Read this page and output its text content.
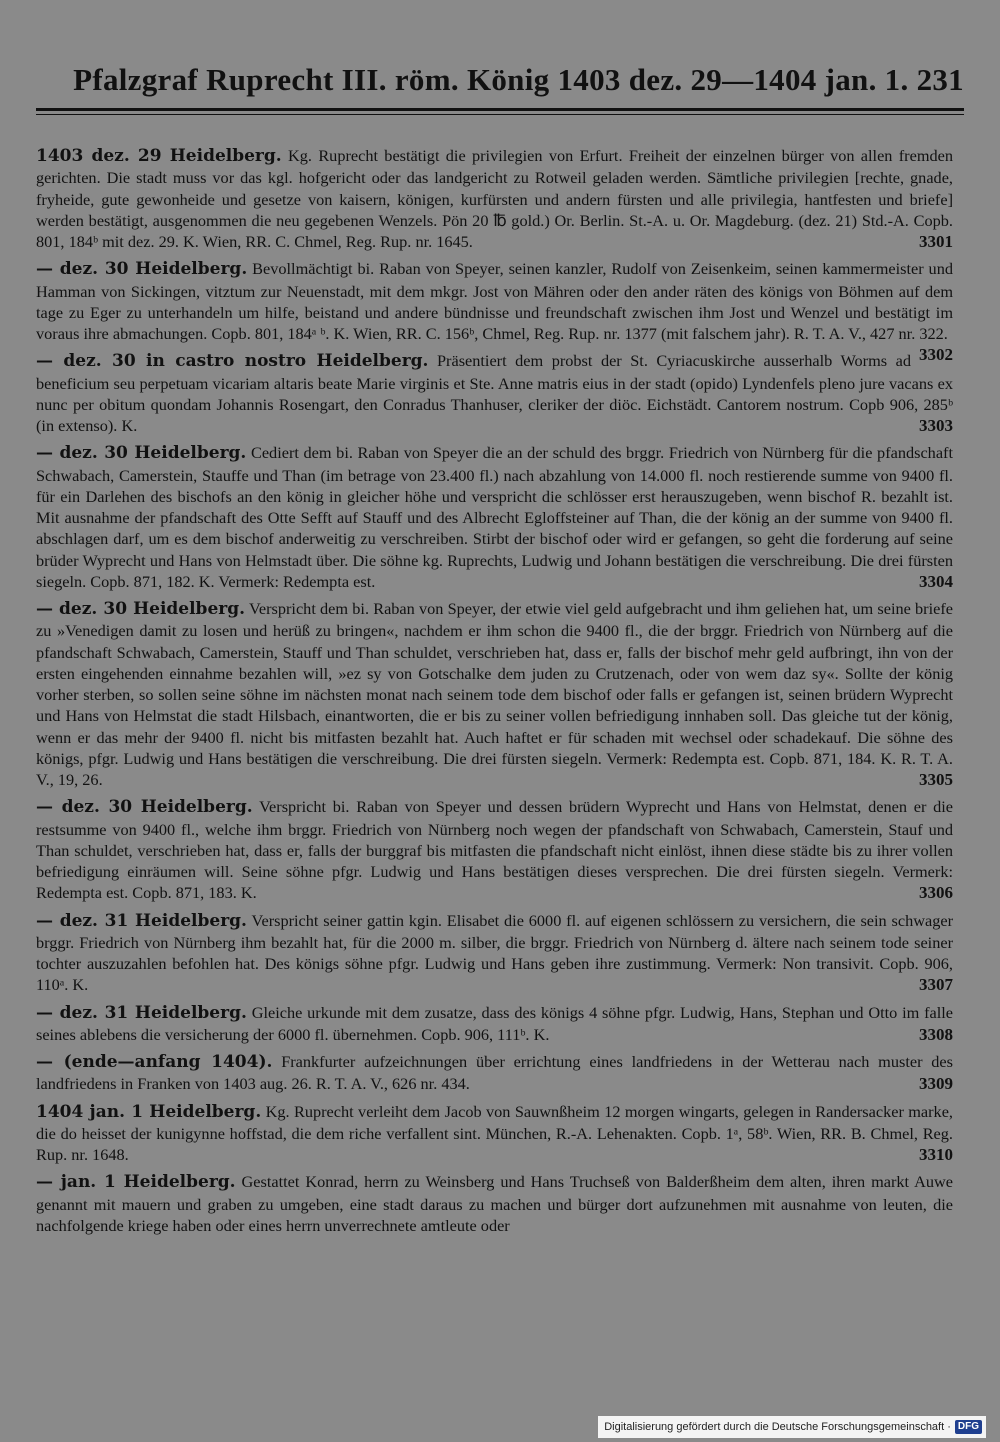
Pfalzgraf Ruprecht III. röm. König 1403 dez. 29—1404 jan. 1. 231

1403 dez. 29 Heidelberg. Kg. Ruprecht bestätigt die privilegien von Erfurt. Freiheit der einzelnen bürger von allen fremden gerichten. Die stadt muss vor das kgl. hofgericht oder das landgericht zu Rotweil geladen werden. Sämtliche privilegien [rechte, gnade, fryheide, gute gewonheide und gesetze von kaisern, königen, kurfürsten und andern fürsten und alle privilegia, hantfesten und briefe] werden bestätigt, ausgenommen die neu gegebenen Wenzels. Pön 20 ℔ gold.) Or. Berlin. St.-A. u. Or. Magdeburg. (dez. 21) Std.-A. Copb. 801, 184ᵇ mit dez. 29. K. Wien, RR. C. Chmel, Reg. Rup. nr. 1645.	3301

— dez. 30 Heidelberg. Bevollmächtigt bi. Raban von Speyer, seinen kanzler, Rudolf von Zeisenkeim, seinen kammermeister und Hamman von Sickingen, vitztum zur Neuenstadt, mit dem mkgr. Jost von Mähren oder den ander räten des königs von Böhmen auf dem tage zu Eger zu unterhandeln um hilfe, beistand und andere bündnisse und freundschaft zwischen ihm Jost und Wenzel und bestätigt im voraus ihre abmachungen. Copb. 801, 184ᵃ ᵇ. K. Wien, RR. C. 156ᵇ, Chmel, Reg. Rup. nr. 1377 (mit falschem jahr). R. T. A. V., 427 nr. 322.
3302

— dez. 30 in castro nostro Heidelberg. Präsentiert dem probst der St. Cyriacuskirche ausserhalb Worms ad beneficium seu perpetuam vicariam altaris beate Marie virginis et Ste. Anne matris eius in der stadt (opido) Lyndenfels pleno jure vacans ex nunc per obitum quondam Johannis Rosengart, den Conradus Thanhuser, cleriker der diöc. Eichstädt. Cantorem nostrum. Copb 906, 285ᵇ (in extenso). K.	3303

— dez. 30 Heidelberg. Cediert dem bi. Raban von Speyer die an der schuld des brggr. Friedrich von Nürnberg für die pfandschaft Schwabach, Camerstein, Stauffe und Than (im betrage von 23.400 fl.) nach abzahlung von 14.000 fl. noch restierende summe von 9400 fl. für ein Darlehen des bischofs an den könig in gleicher höhe und verspricht die schlösser erst herauszugeben, wenn bischof R. bezahlt ist. Mit ausnahme der pfandschaft des Otte Sefft auf Stauff und des Albrecht Egloffsteiner auf Than, die der könig an der summe von 9400 fl. abschlagen darf, um es dem bischof anderweitig zu verschreiben. Stirbt der bischof oder wird er gefangen, so geht die forderung auf seine brüder Wyprecht und Hans von Helmstadt über. Die söhne kg. Ruprechts, Ludwig und Johann bestätigen die verschreibung. Die drei fürsten siegeln. Copb. 871, 182. K. Vermerk: Redempta est.	3304

— dez. 30 Heidelberg. Verspricht dem bi. Raban von Speyer, der etwie viel geld aufgebracht und ihm geliehen hat, um seine briefe zu »Venedigen damit zu losen und herüß zu bringen«, nachdem er ihm schon die 9400 fl., die der brggr. Friedrich von Nürnberg auf die pfandschaft Schwabach, Camerstein, Stauff und Than schuldet, verschrieben hat, dass er, falls der bischof mehr geld aufbringt, ihn von der ersten eingehenden einnahme bezahlen will, »ez sy von Gotschalke dem juden zu Crutzenach, oder von wem daz sy«. Sollte der könig vorher sterben, so sollen seine söhne im nächsten monat nach seinem tode dem bischof oder falls er gefangen ist, seinen brüdern Wyprecht und Hans von Helmstat die stadt Hilsbach, einantworten, die er bis zu seiner vollen befriedigung innhaben soll. Das gleiche tut der könig, wenn er das mehr der 9400 fl. nicht bis mitfasten bezahlt hat. Auch haftet er für schaden mit wechsel oder schadekauf. Die söhne des königs, pfgr. Ludwig und Hans bestätigen die verschreibung. Die drei fürsten siegeln. Vermerk: Redempta est. Copb. 871, 184. K. R. T. A. V., 19, 26.	3305

— dez. 30 Heidelberg. Verspricht bi. Raban von Speyer und dessen brüdern Wyprecht und Hans von Helmstat, denen er die restsumme von 9400 fl., welche ihm brggr. Friedrich von Nürnberg noch wegen der pfandschaft von Schwabach, Camerstein, Stauf und Than schuldet, verschrieben hat, dass er, falls der burggraf bis mitfasten die pfandschaft nicht einlöst, ihnen diese städte bis zu ihrer vollen befriedigung einräumen will. Seine söhne pfgr. Ludwig und Hans bestätigen dieses versprechen. Die drei fürsten siegeln. Vermerk: Redempta est. Copb. 871, 183. K.	3306

— dez. 31 Heidelberg. Verspricht seiner gattin kgin. Elisabet die 6000 fl. auf eigenen schlössern zu versichern, die sein schwager brggr. Friedrich von Nürnberg ihm bezahlt hat, für die 2000 m. silber, die brggr. Friedrich von Nürnberg d. ältere nach seinem tode seiner tochter auszuzahlen befohlen hat. Des königs söhne pfgr. Ludwig und Hans geben ihre zustimmung. Vermerk: Non transivit. Copb. 906, 110ᵃ. K.	3307

— dez. 31 Heidelberg. Gleiche urkunde mit dem zusatze, dass des königs 4 söhne pfgr. Ludwig, Hans, Stephan und Otto im falle seines ablebens die versicherung der 6000 fl. übernehmen. Copb. 906, 111ᵇ. K.	3308

— (ende—anfang 1404). Frankfurter aufzeichnungen über errichtung eines landfriedens in der Wetterau nach muster des landfriedens in Franken von 1403 aug. 26. R. T. A. V., 626 nr. 434.	3309

1404 jan. 1 Heidelberg. Kg. Ruprecht verleiht dem Jacob von Sauwnßheim 12 morgen wingarts, gelegen in Randersacker marke, die do heisset der kunigynne hoffstad, die dem riche verfallent sint. München, R.-A. Lehenakten. Copb. 1ᵃ, 58ᵇ. Wien, RR. B. Chmel, Reg. Rup. nr. 1648.	3310

— jan. 1 Heidelberg. Gestattet Konrad, herrn zu Weinsberg und Hans Truchseß von Balderßheim dem alten, ihren markt Auwe genannt mit mauern und graben zu umgeben, eine stadt daraus zu machen und bürger dort aufzunehmen mit ausnahme von leuten, die nachfolgende kriege haben oder eines herrn unverrechnete amtleute oder

Digitalisierung gefördert durch die Deutsche Forschungsgemeinschaft · DFG
